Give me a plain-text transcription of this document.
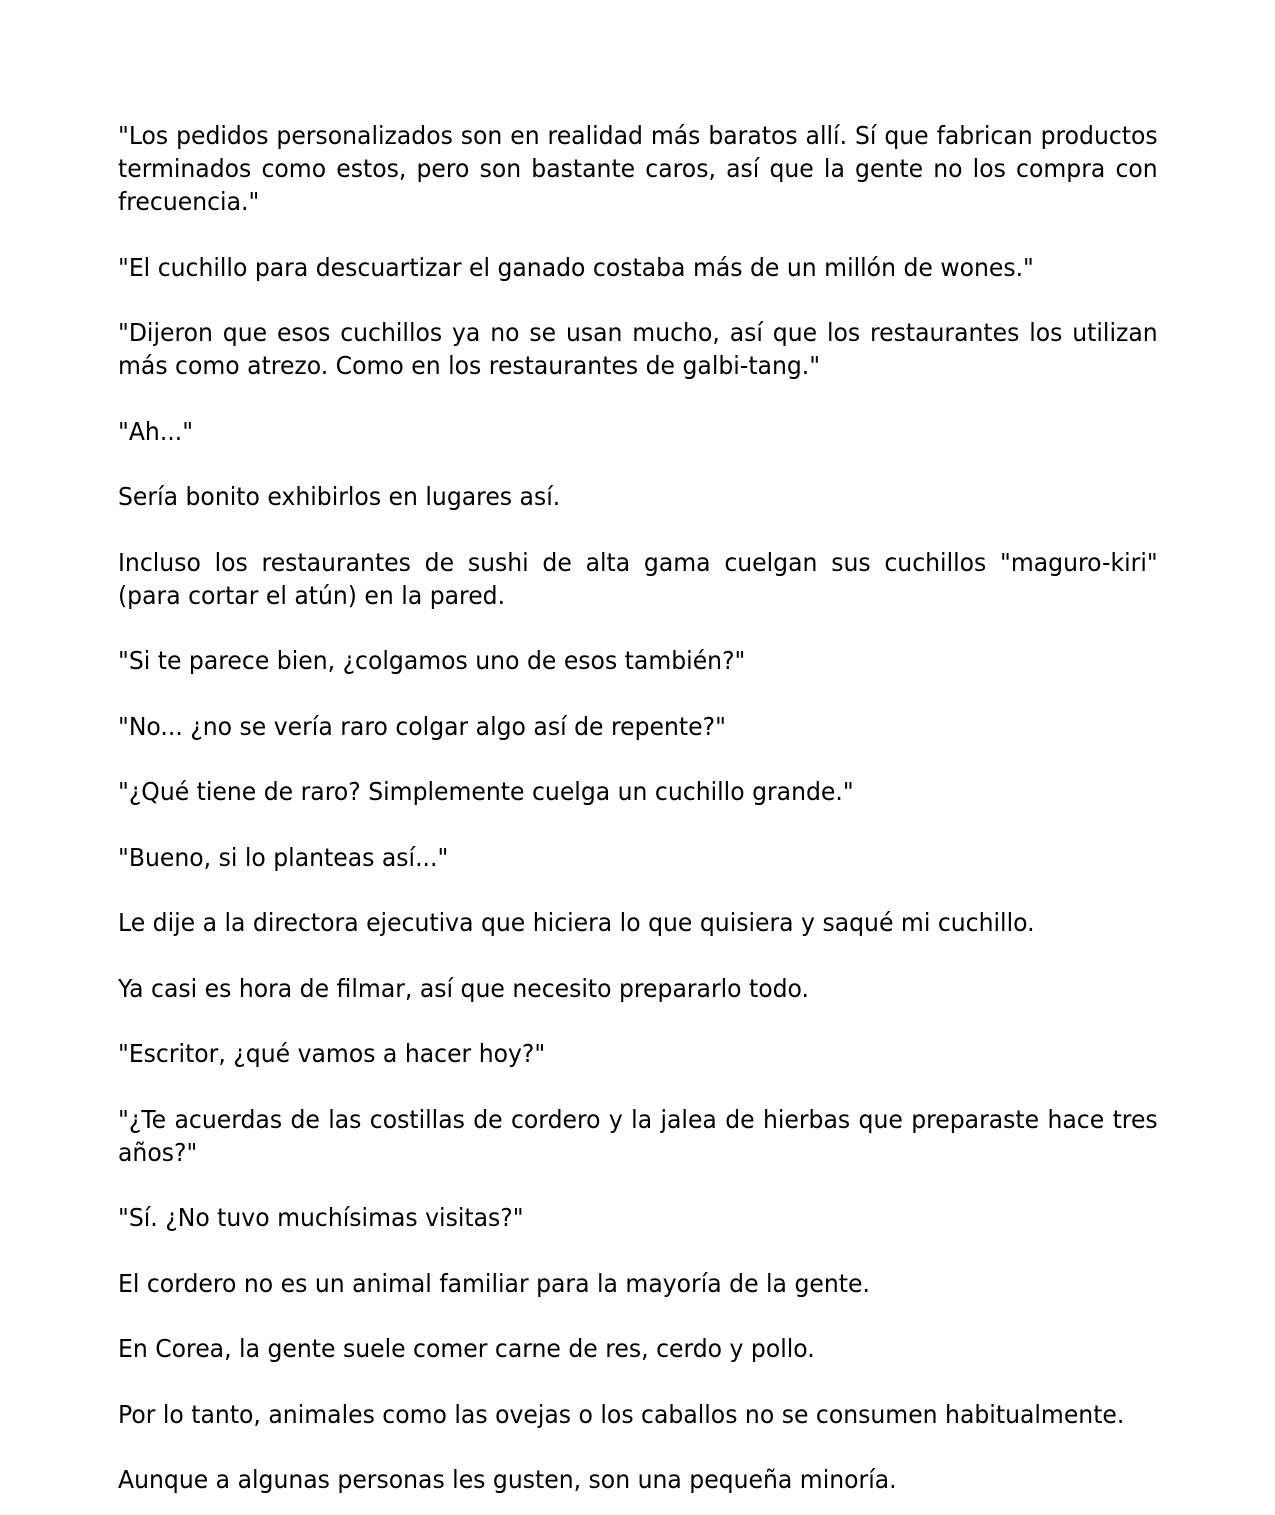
"Los pedidos personalizados son en realidad más baratos allí. Sí que fabrican productos terminados como estos, pero son bastante caros, así que la gente no los compra con frecuencia."

"El cuchillo para descuartizar el ganado costaba más de un millón de wones."

"Dijeron que esos cuchillos ya no se usan mucho, así que los restaurantes los utilizan más como atrezo. Como en los restaurantes de galbi-tang."

"Ah..."

Sería bonito exhibirlos en lugares así.

Incluso los restaurantes de sushi de alta gama cuelgan sus cuchillos "maguro-kiri" (para cortar el atún) en la pared.

"Si te parece bien, ¿colgamos uno de esos también?"

"No... ¿no se vería raro colgar algo así de repente?"

"¿Qué tiene de raro? Simplemente cuelga un cuchillo grande."

"Bueno, si lo planteas así..."

Le dije a la directora ejecutiva que hiciera lo que quisiera y saqué mi cuchillo.

Ya casi es hora de filmar, así que necesito prepararlo todo.

"Escritor, ¿qué vamos a hacer hoy?"

"¿Te acuerdas de las costillas de cordero y la jalea de hierbas que preparaste hace tres años?"

"Sí. ¿No tuvo muchísimas visitas?"

El cordero no es un animal familiar para la mayoría de la gente.

En Corea, la gente suele comer carne de res, cerdo y pollo.

Por lo tanto, animales como las ovejas o los caballos no se consumen habitualmente.

Aunque a algunas personas les gusten, son una pequeña minoría.
